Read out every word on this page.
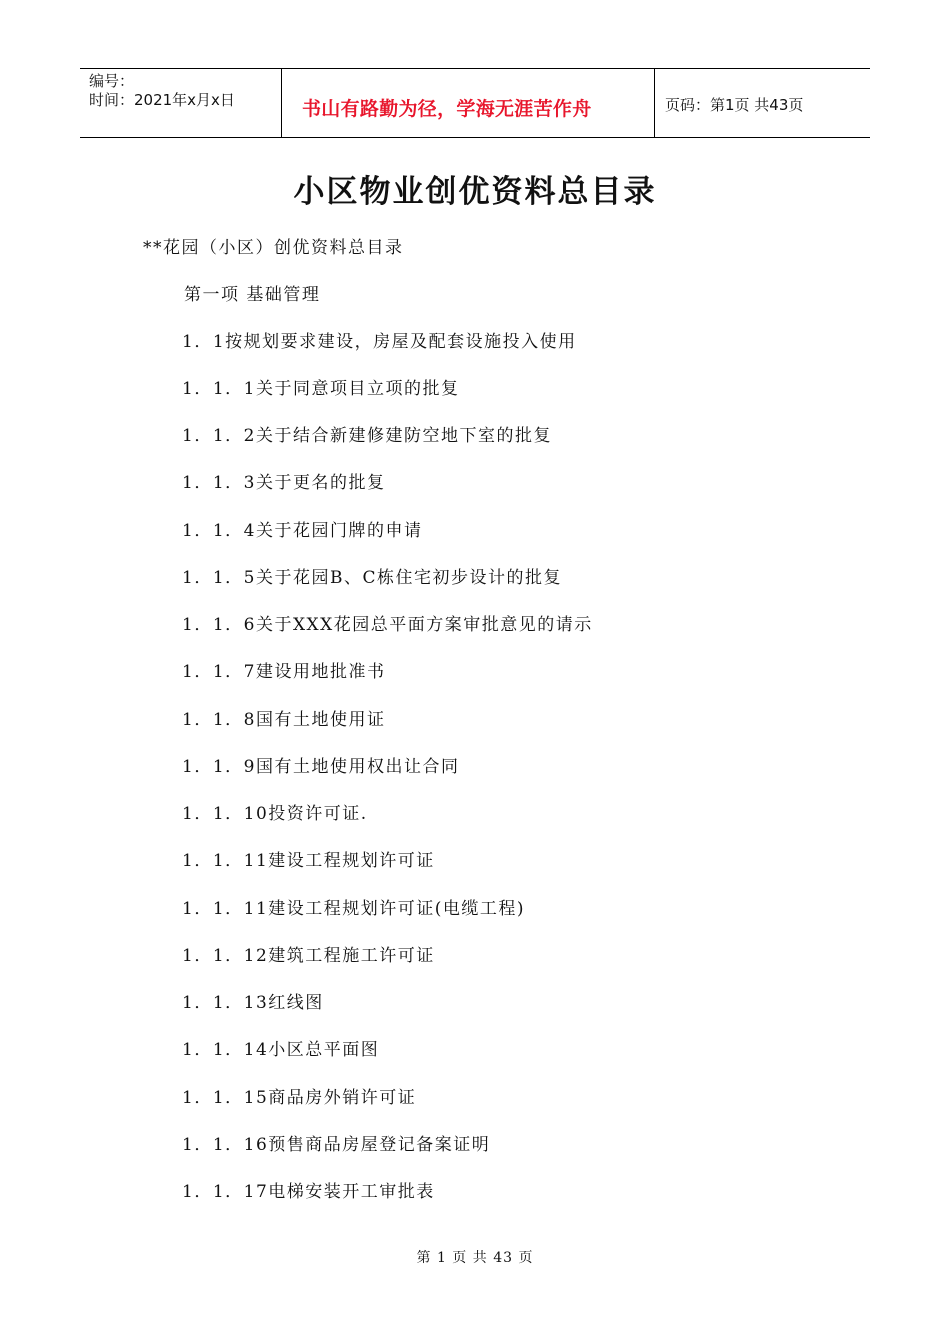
编号：
时间：2021年x月x日	书山有路勤为径，学海无涯苦作舟	页码：第1页 共43页
小区物业创优资料总目录
**花园（小区）创优资料总目录
第一项 基础管理
1．1按规划要求建设，房屋及配套设施投入使用
1．1．1关于同意项目立项的批复
1．1．2关于结合新建修建防空地下室的批复
1．1．3关于更名的批复
1．1．4关于花园门牌的申请
1．1．5关于花园B、C栋住宅初步设计的批复
1．1．6关于XXX花园总平面方案审批意见的请示
1．1．7建设用地批准书
1．1．8国有土地使用证
1．1．9国有土地使用权出让合同
1．1．10投资许可证.
1．1．11建设工程规划许可证
1．1．11建设工程规划许可证(电缆工程)
1．1．12建筑工程施工许可证
1．1．13红线图
1．1．14小区总平面图
1．1．15商品房外销许可证
1．1．16预售商品房屋登记备案证明
1．1．17电梯安装开工审批表
第 1 页 共 43 页
